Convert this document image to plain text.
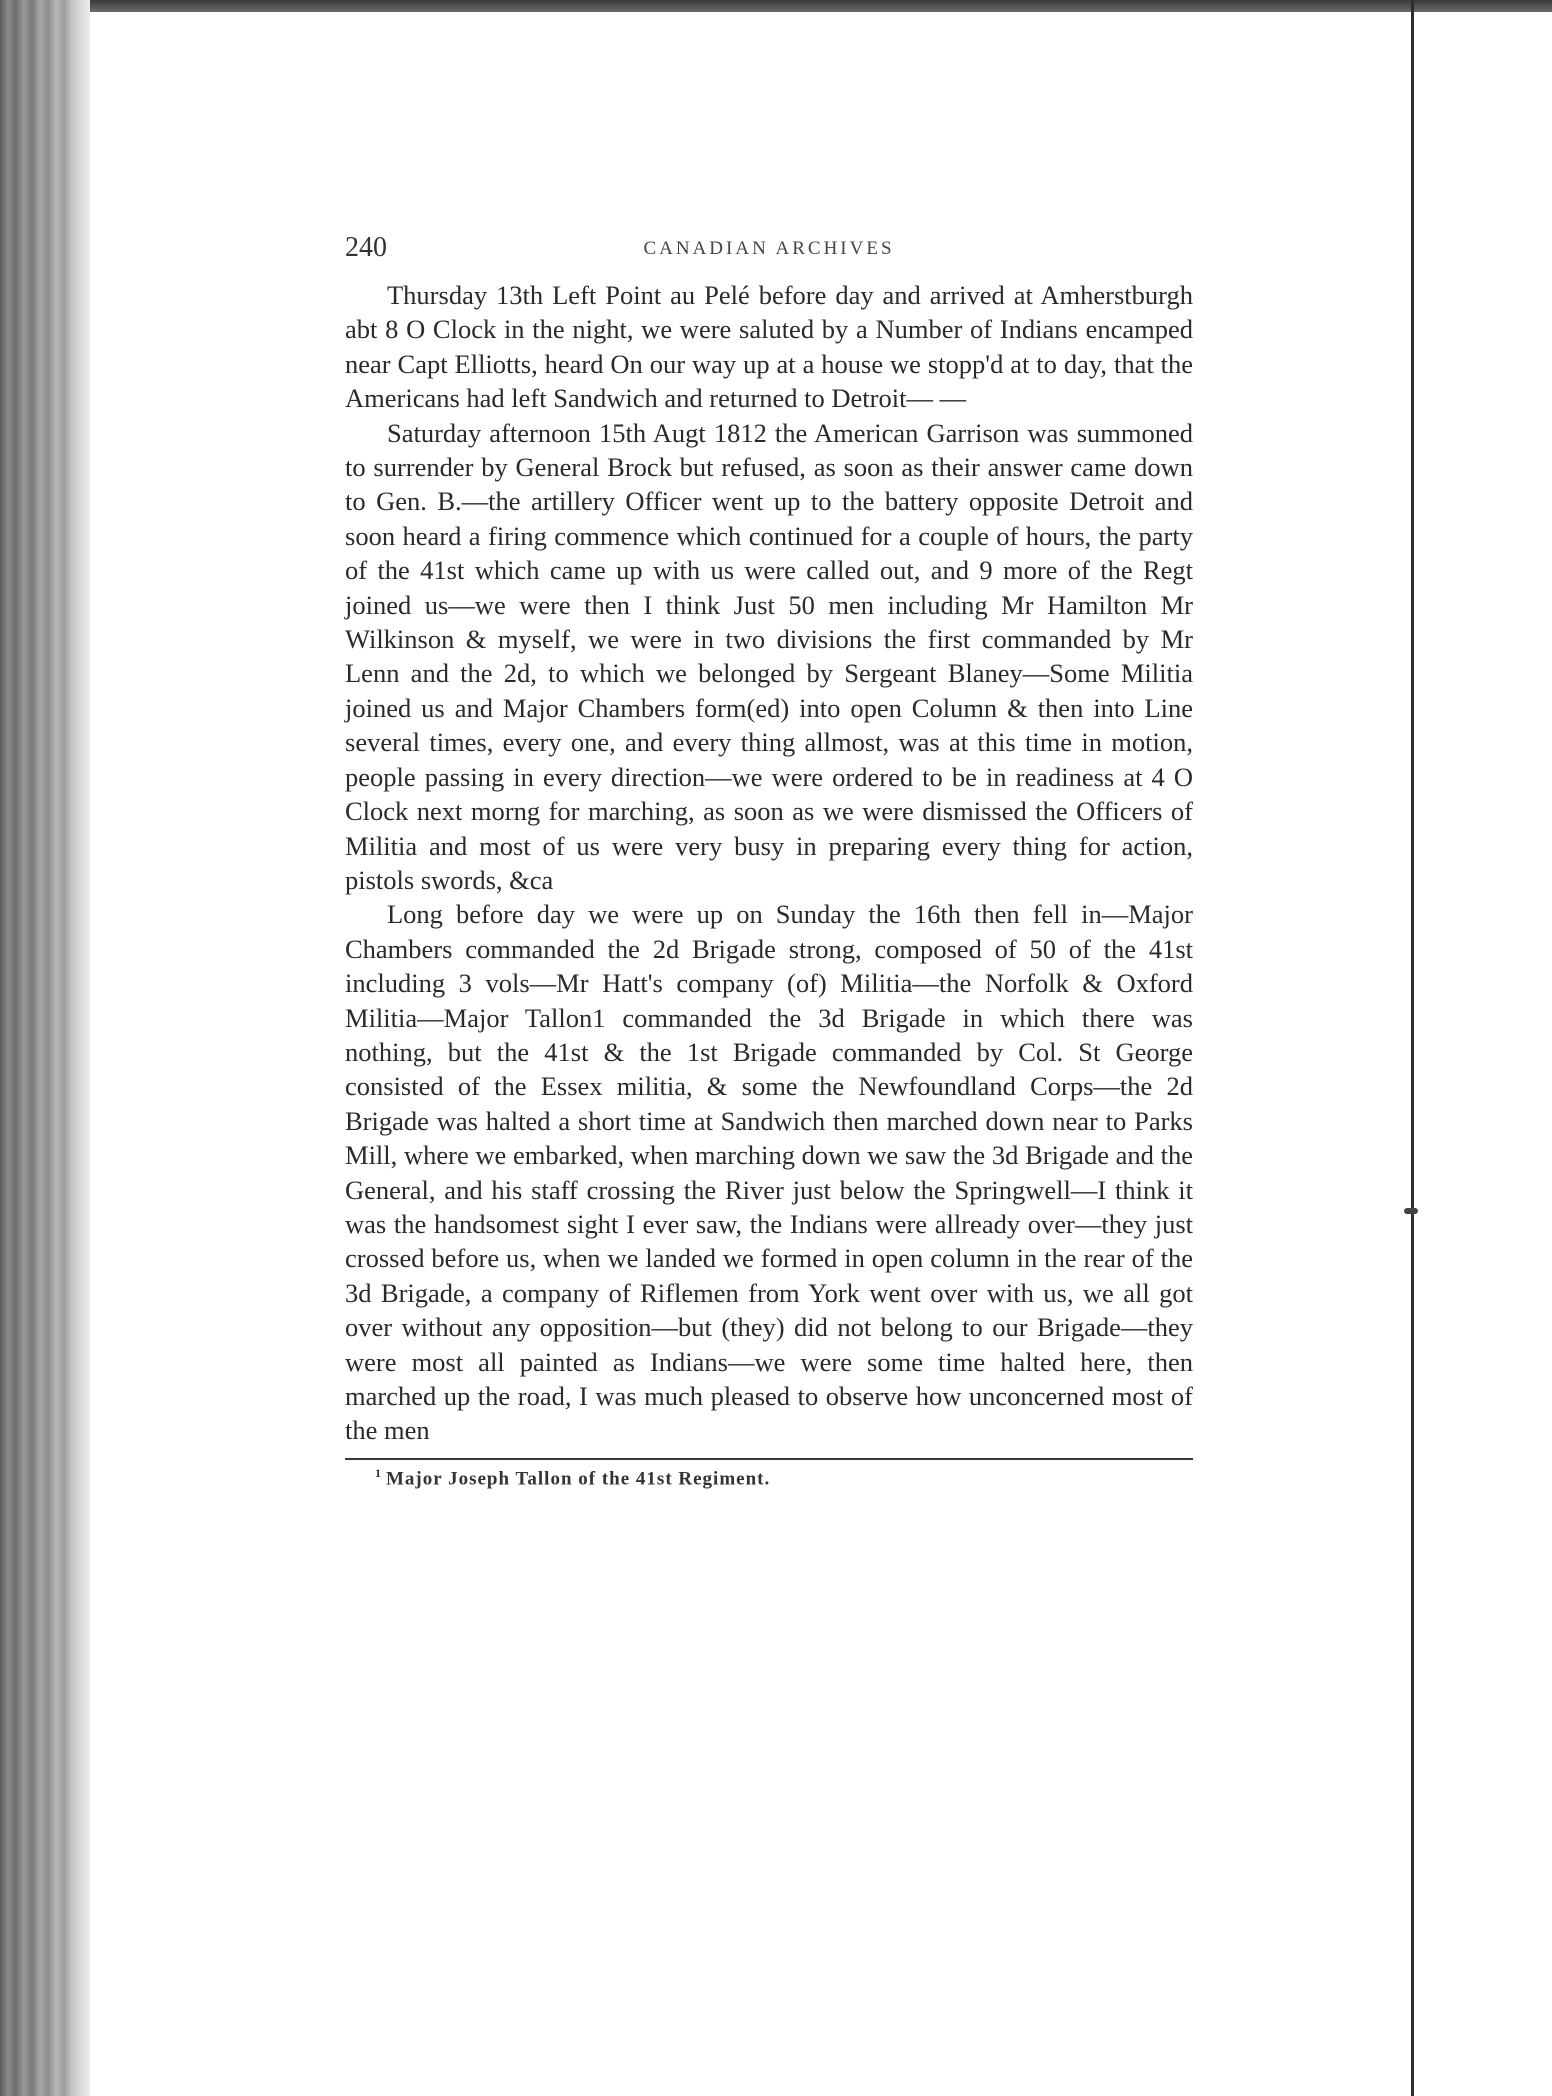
240	CANADIAN ARCHIVES

Thursday 13th Left Point au Pelé before day and arrived at Amherstburgh abt 8 O Clock in the night, we were saluted by a Number of Indians encamped near Capt Elliotts, heard On our way up at a house we stopp'd at to day, that the Americans had left Sandwich and returned to Detroit— —

Saturday afternoon 15th Augt 1812 the American Garrison was summoned to surrender by General Brock but refused, as soon as their answer came down to Gen. B.—the artillery Officer went up to the battery opposite Detroit and soon heard a firing commence which continued for a couple of hours, the party of the 41st which came up with us were called out, and 9 more of the Regt joined us—we were then I think Just 50 men including Mr Hamilton Mr Wilkinson & myself, we were in two divisions the first commanded by Mr Lenn and the 2d, to which we belonged by Sergeant Blaney—Some Militia joined us and Major Chambers form(ed) into open Column & then into Line several times, every one, and every thing allmost, was at this time in motion, people passing in every direction—we were ordered to be in readiness at 4 O Clock next morng for marching, as soon as we were dismissed the Officers of Militia and most of us were very busy in preparing every thing for action, pistols swords, &ca

Long before day we were up on Sunday the 16th then fell in—Major Chambers commanded the 2d Brigade strong, composed of 50 of the 41st including 3 vols—Mr Hatt's company (of) Militia—the Norfolk & Oxford Militia—Major Tallon1 commanded the 3d Brigade in which there was nothing, but the 41st & the 1st Brigade commanded by Col. St George consisted of the Essex militia, & some the Newfoundland Corps—the 2d Brigade was halted a short time at Sandwich then marched down near to Parks Mill, where we embarked, when marching down we saw the 3d Brigade and the General, and his staff crossing the River just below the Springwell—I think it was the handsomest sight I ever saw, the Indians were allready over—they just crossed before us, when we landed we formed in open column in the rear of the 3d Brigade, a company of Riflemen from York went over with us, we all got over without any opposition—but (they) did not belong to our Brigade—they were most all painted as Indians—we were some time halted here, then marched up the road, I was much pleased to observe how unconcerned most of the men

$^1$ Major Joseph Tallon of the 41st Regiment.
